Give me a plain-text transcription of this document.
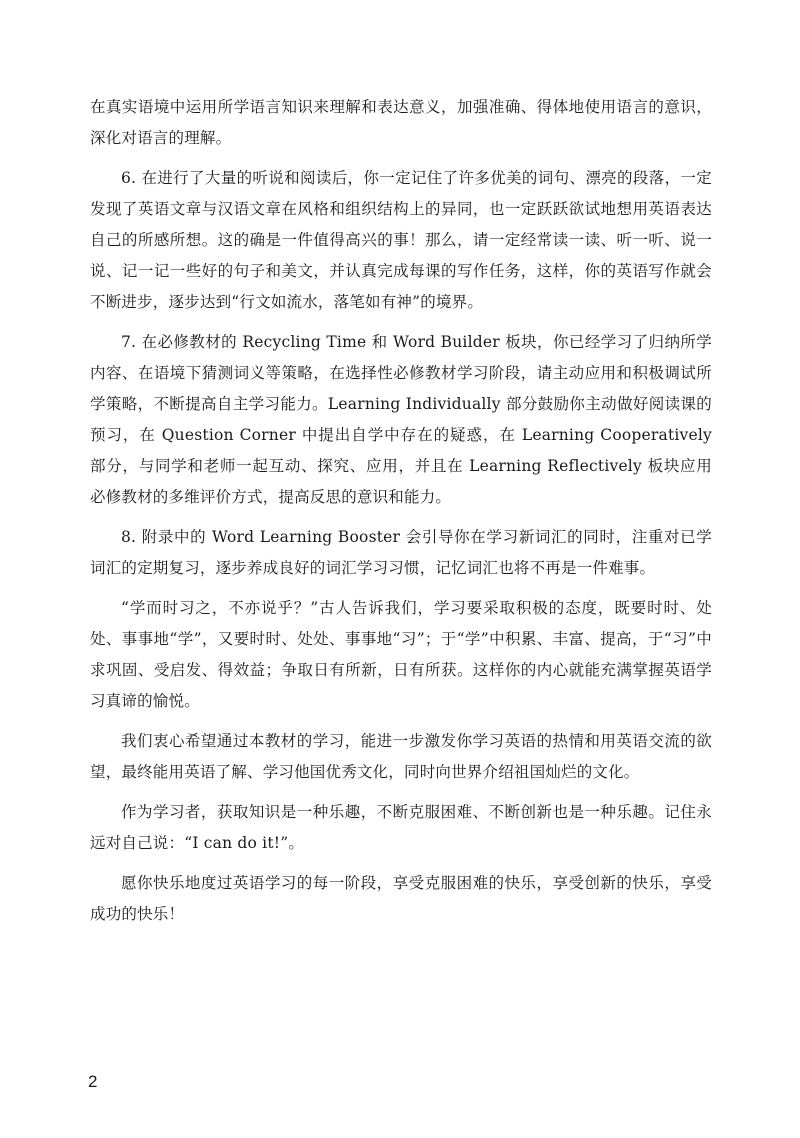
在真实语境中运用所学语言知识来理解和表达意义，加强准确、得体地使用语言的意识，深化对语言的理解。

6. 在进行了大量的听说和阅读后，你一定记住了许多优美的词句、漂亮的段落，一定发现了英语文章与汉语文章在风格和组织结构上的异同，也一定跃跃欲试地想用英语表达自己的所感所想。这的确是一件值得高兴的事！那么，请一定经常读一读、听一听、说一说、记一记一些好的句子和美文，并认真完成每课的写作任务，这样，你的英语写作就会不断进步，逐步达到“行文如流水，落笔如有神”的境界。

7. 在必修教材的 Recycling Time 和 Word Builder 板块，你已经学习了归纳所学内容、在语境下猜测词义等策略，在选择性必修教材学习阶段，请主动应用和积极调试所学策略，不断提高自主学习能力。Learning Individually 部分鼓励你主动做好阅读课的预习，在 Question Corner 中提出自学中存在的疑惑，在 Learning Cooperatively 部分，与同学和老师一起互动、探究、应用，并且在 Learning Reflectively 板块应用必修教材的多维评价方式，提高反思的意识和能力。

8. 附录中的 Word Learning Booster 会引导你在学习新词汇的同时，注重对已学词汇的定期复习，逐步养成良好的词汇学习习惯，记忆词汇也将不再是一件难事。

“学而时习之，不亦说乎？”古人告诉我们，学习要采取积极的态度，既要时时、处处、事事地“学”，又要时时、处处、事事地“习”；于“学”中积累、丰富、提高，于“习”中求巩固、受启发、得效益；争取日有所新，日有所获。这样你的内心就能充满掌握英语学习真谛的愉悦。

我们衷心希望通过本教材的学习，能进一步激发你学习英语的热情和用英语交流的欲望，最终能用英语了解、学习他国优秀文化，同时向世界介绍祖国灿烂的文化。

作为学习者，获取知识是一种乐趣，不断克服困难、不断创新也是一种乐趣。记住永远对自己说：“I can do it!”。

愿你快乐地度过英语学习的每一阶段，享受克服困难的快乐，享受创新的快乐，享受成功的快乐！

2
